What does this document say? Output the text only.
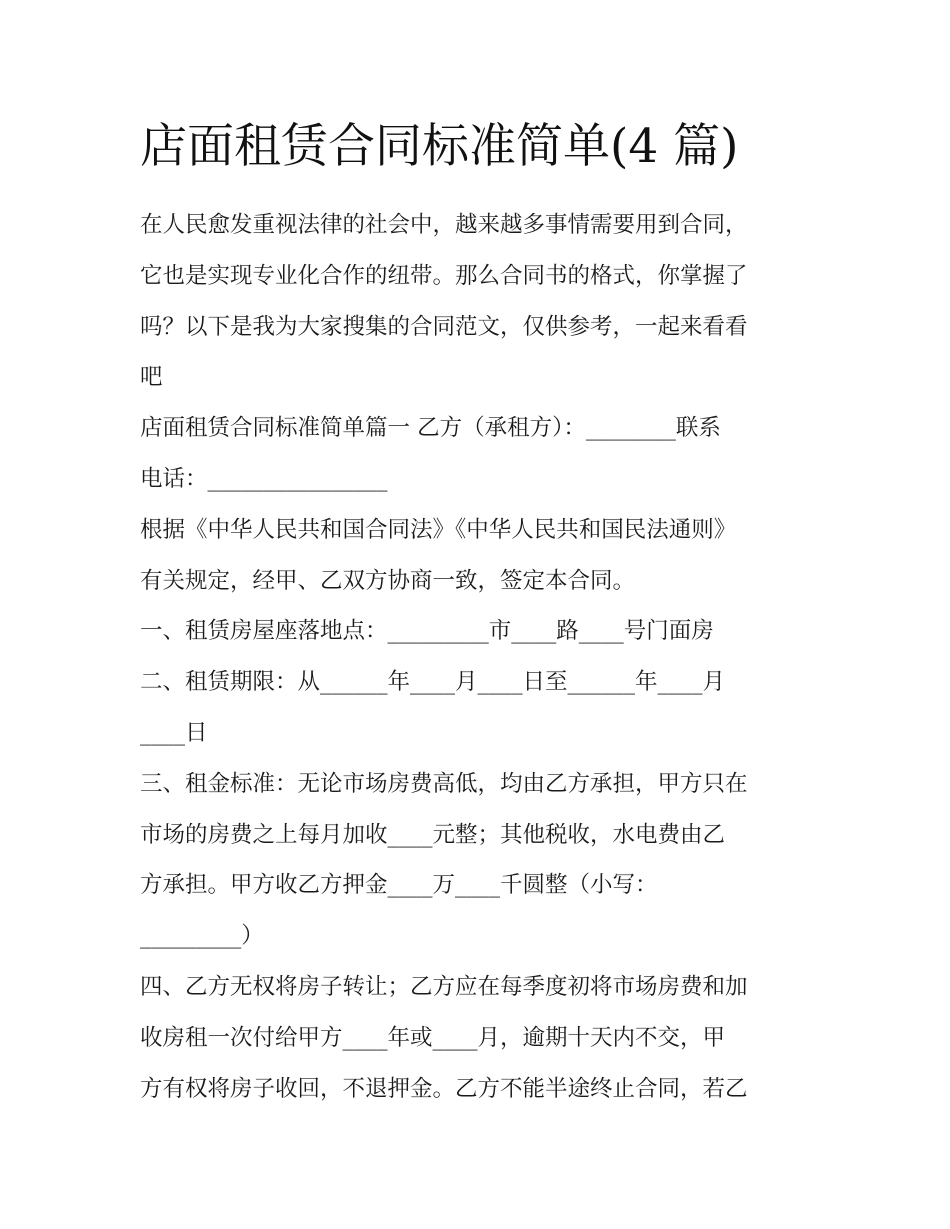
店面租赁合同标准简单(4 篇)

在人民愈发重视法律的社会中，越来越多事情需要用到合同，
它也是实现专业化合作的纽带。那么合同书的格式，你掌握了
吗？以下是我为大家搜集的合同范文，仅供参考，一起来看看
吧

店面租赁合同标准简单篇一 乙方（承租方）：________联系
电话：________________

根据《中华人民共和国合同法》《中华人民共和国民法通则》
有关规定，经甲、乙双方协商一致，签定本合同。

一、租赁房屋座落地点：_________市____路____号门面房

二、租赁期限：从______年____月____日至______年____月
____日

三、租金标准：无论市场房费高低，均由乙方承担，甲方只在
市场的房费之上每月加收____元整；其他税收，水电费由乙
方承担。甲方收乙方押金____万____千圆整（小写：
_________）

四、乙方无权将房子转让；乙方应在每季度初将市场房费和加
收房租一次付给甲方____年或____月，逾期十天内不交，甲
方有权将房子收回，不退押金。乙方不能半途终止合同，若乙
